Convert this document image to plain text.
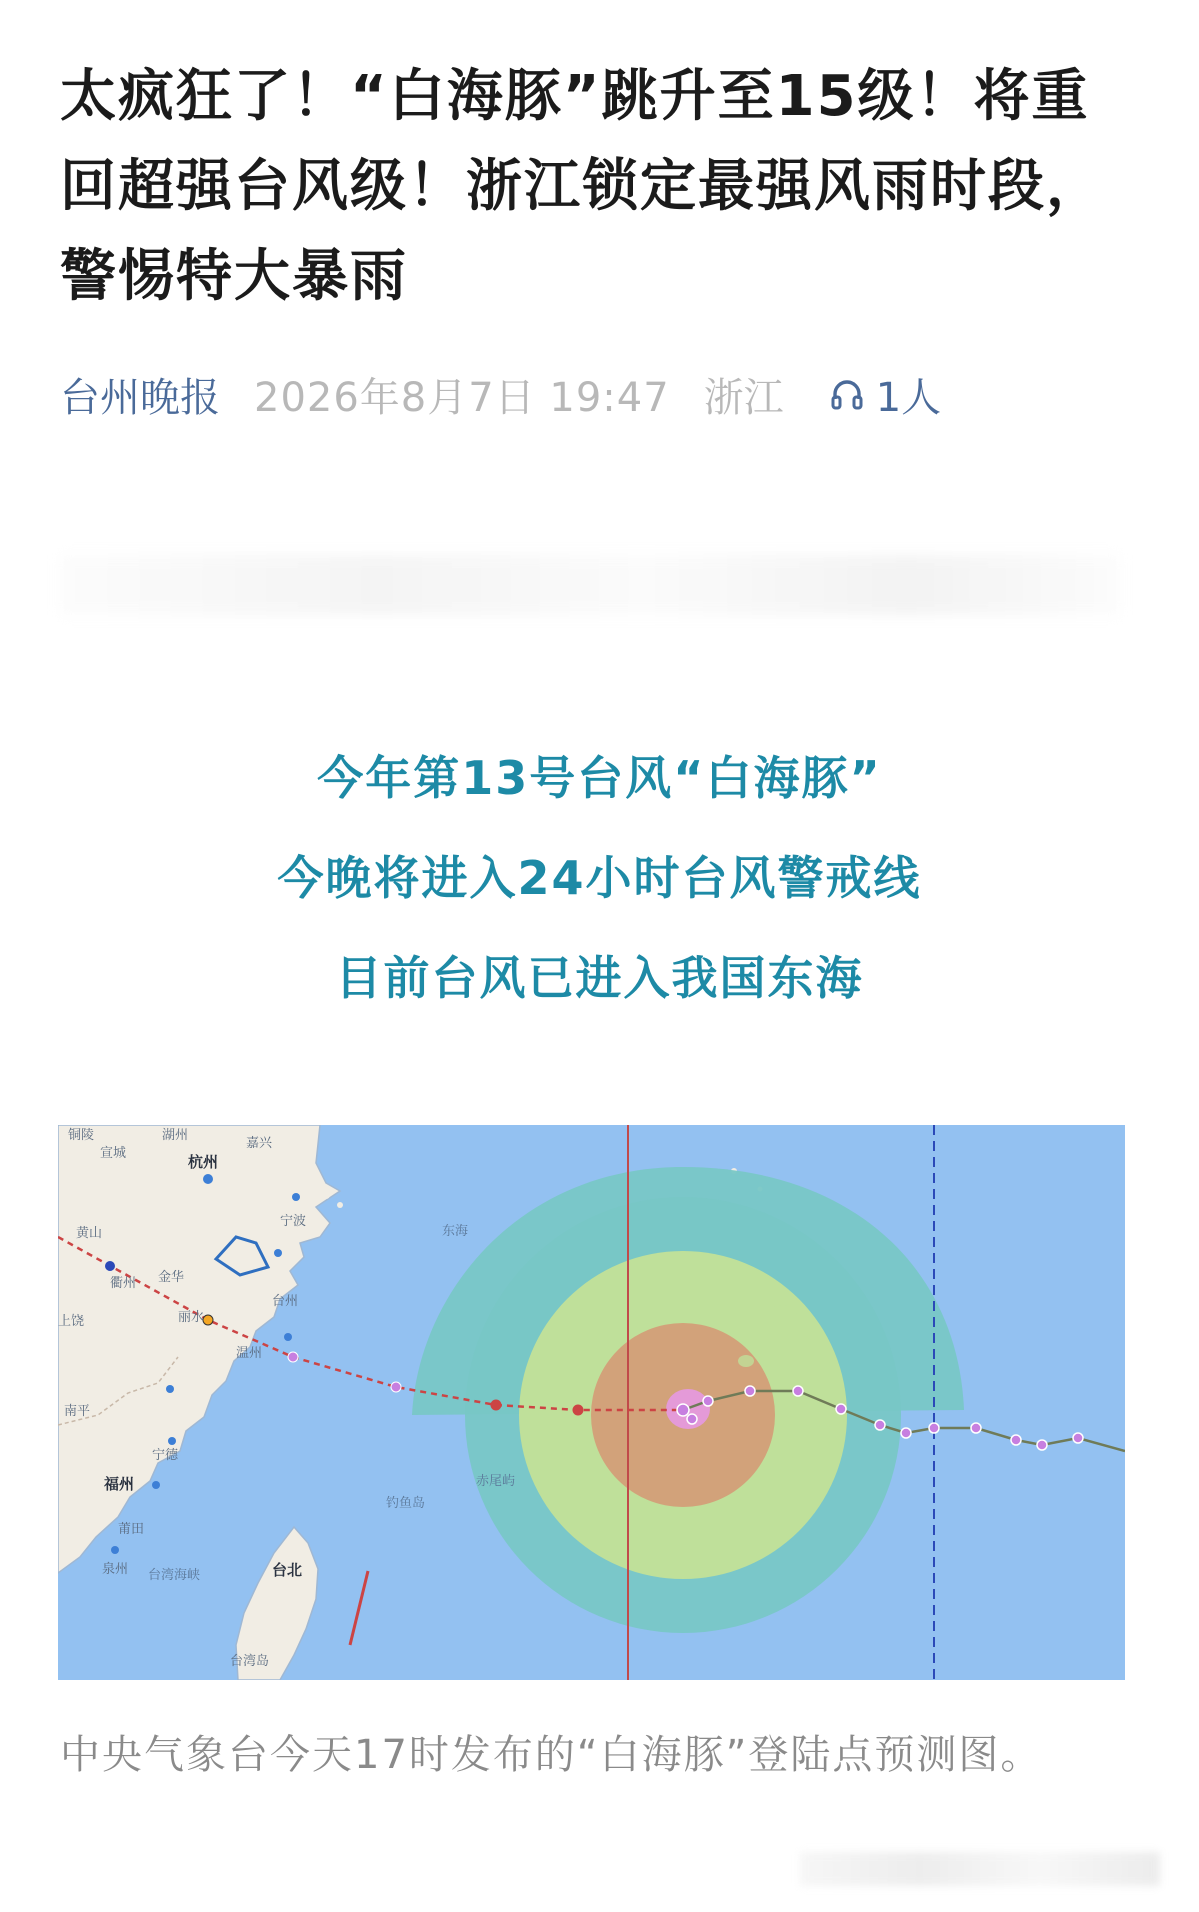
太疯狂了！“白海豚”跳升至15级！将重回超强台风级！浙江锁定最强风雨时段，警惕特大暴雨
台州晚报 2026年8月7日 19:47 浙江 1人
今年第13号台风“白海豚”
今晚将进入24小时台风警戒线
目前台风已进入我国东海
铜陵	湖州
嘉兴
宣城	杭州
宁波
东海
黄山
衢州 金华
台州
丽水
上饶
温州
南平
宁德
福州	赤尾屿
钓鱼岛
莆田
台北
泉州 台湾海峡
台湾岛
中央气象台今天17时发布的“白海豚”登陆点预测图。
